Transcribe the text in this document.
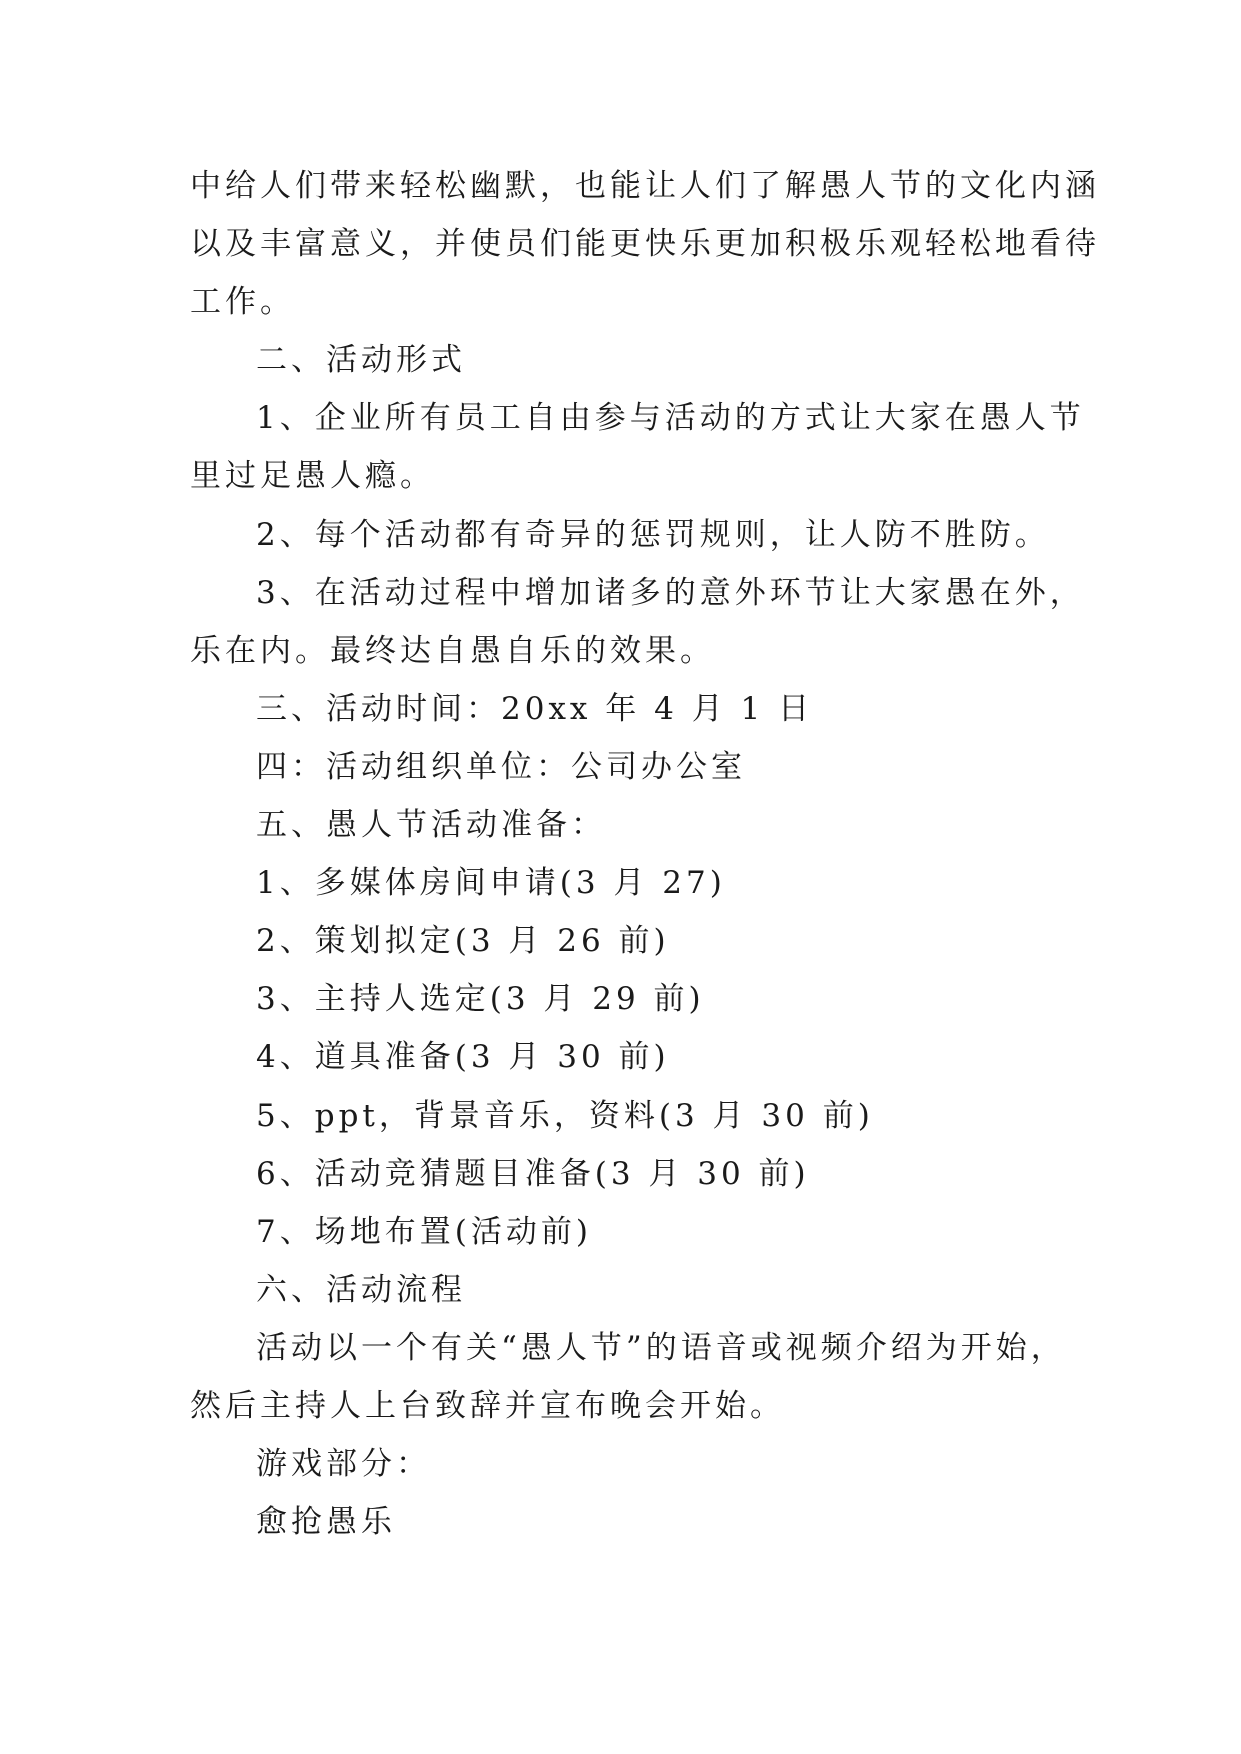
中给人们带来轻松幽默，也能让人们了解愚人节的文化内涵

以及丰富意义，并使员们能更快乐更加积极乐观轻松地看待

工作。

二、活动形式

1、企业所有员工自由参与活动的方式让大家在愚人节

里过足愚人瘾。

2、每个活动都有奇异的惩罚规则，让人防不胜防。

3、在活动过程中增加诸多的意外环节让大家愚在外，

乐在内。最终达自愚自乐的效果。

三、活动时间：20xx 年 4 月 1 日

四：活动组织单位：公司办公室

五、愚人节活动准备：

1、多媒体房间申请(3 月 27)

2、策划拟定(3 月 26 前)

3、主持人选定(3 月 29 前)

4、道具准备(3 月 30 前)

5、ppt，背景音乐，资料(3 月 30 前)

6、活动竞猜题目准备(3 月 30 前)

7、场地布置(活动前)

六、活动流程

活动以一个有关“愚人节”的语音或视频介绍为开始，

然后主持人上台致辞并宣布晚会开始。

游戏部分：

愈抢愚乐
